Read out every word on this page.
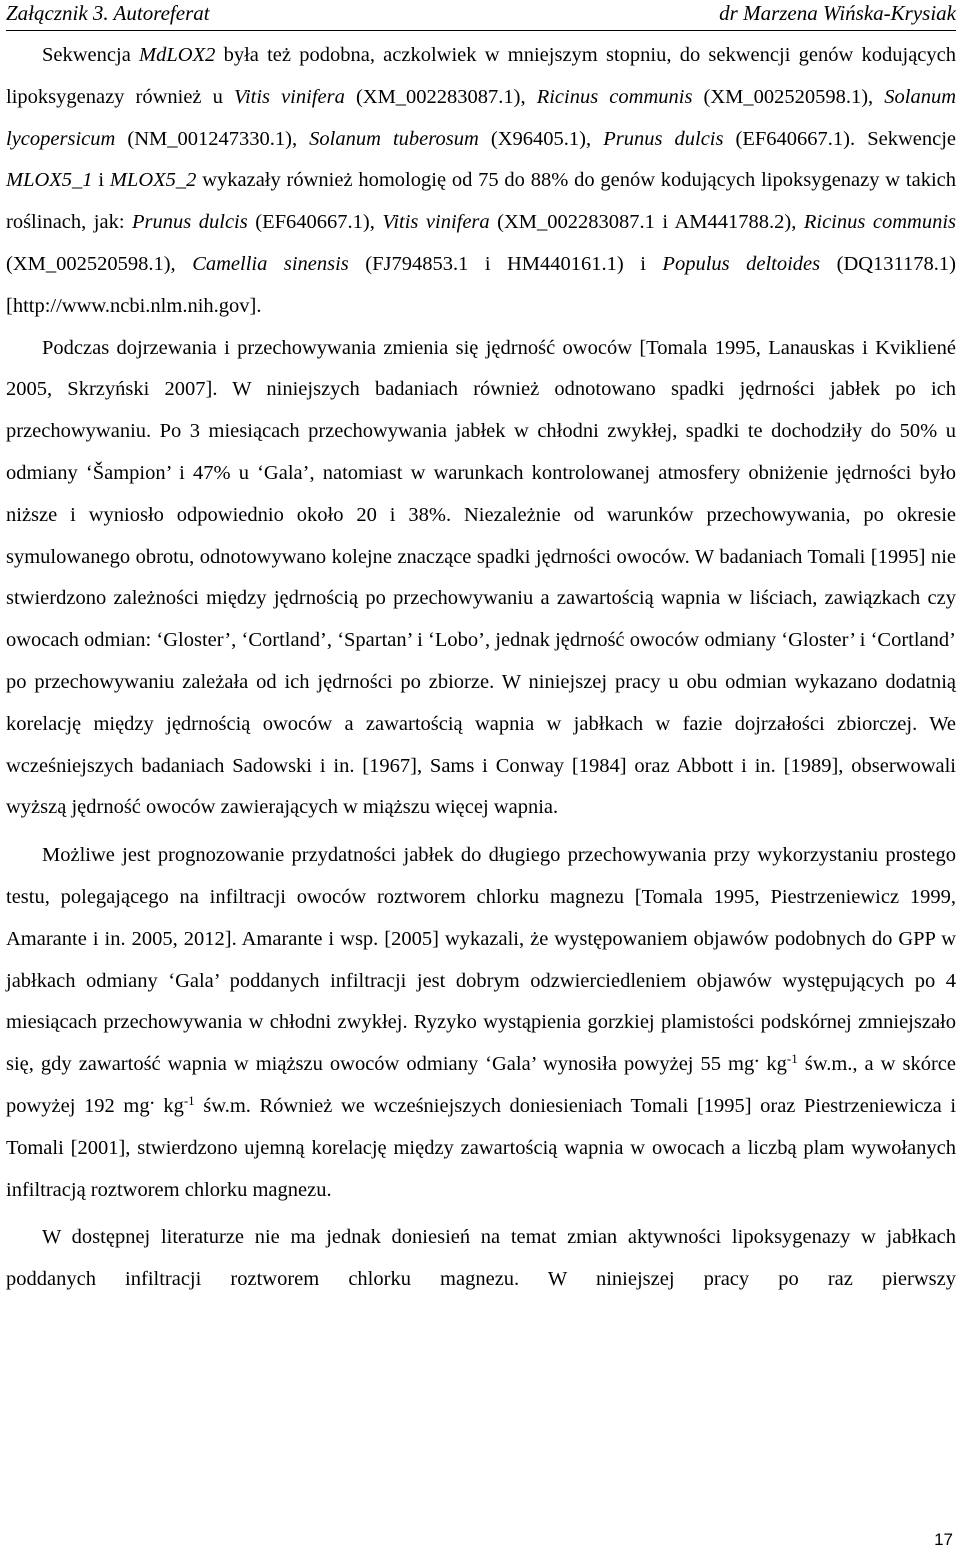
Załącznik 3. Autoreferat	dr Marzena Wińska-Krysiak

Sekwencja MdLOX2 była też podobna, aczkolwiek w mniejszym stopniu, do sekwencji genów kodujących lipoksygenazy również u Vitis vinifera (XM_002283087.1), Ricinus communis (XM_002520598.1), Solanum lycopersicum (NM_001247330.1), Solanum tuberosum (X96405.1), Prunus dulcis (EF640667.1). Sekwencje MLOX5_1 i MLOX5_2 wykazały również homologię od 75 do 88% do genów kodujących lipoksygenazy w takich roślinach, jak: Prunus dulcis (EF640667.1), Vitis vinifera (XM_002283087.1 i AM441788.2), Ricinus communis (XM_002520598.1), Camellia sinensis (FJ794853.1 i HM440161.1) i Populus deltoides (DQ131178.1) [http://www.ncbi.nlm.nih.gov].

Podczas dojrzewania i przechowywania zmienia się jędrność owoców [Tomala 1995, Lanauskas i Kvikliené 2005, Skrzyński 2007]. W niniejszych badaniach również odnotowano spadki jędrności jabłek po ich przechowywaniu. Po 3 miesiącach przechowywania jabłek w chłodni zwykłej, spadki te dochodziły do 50% u odmiany ‘Šampion’ i 47% u ‘Gala’, natomiast w warunkach kontrolowanej atmosfery obniżenie jędrności było niższe i wyniosło odpowiednio około 20 i 38%. Niezależnie od warunków przechowywania, po okresie symulowanego obrotu, odnotowywano kolejne znaczące spadki jędrności owoców. W badaniach Tomali [1995] nie stwierdzono zależności między jędrnością po przechowywaniu a zawartością wapnia w liściach, zawiązkach czy owocach odmian: ‘Gloster’, ‘Cortland’, ‘Spartan’ i ‘Lobo’, jednak jędrność owoców odmiany ‘Gloster’ i ‘Cortland’ po przechowywaniu zależała od ich jędrności po zbiorze. W niniejszej pracy u obu odmian wykazano dodatnią korelację między jędrnością owoców a zawartością wapnia w jabłkach w fazie dojrzałości zbiorczej. We wcześniejszych badaniach Sadowski i in. [1967], Sams i Conway [1984] oraz Abbott i in. [1989], obserwowali wyższą jędrność owoców zawierających w miąższu więcej wapnia.

Możliwe jest prognozowanie przydatności jabłek do długiego przechowywania przy wykorzystaniu prostego testu, polegającego na infiltracji owoców roztworem chlorku magnezu [Tomala 1995, Piestrzeniewicz 1999, Amarante i in. 2005, 2012]. Amarante i wsp. [2005] wykazali, że występowaniem objawów podobnych do GPP w jabłkach odmiany ‘Gala’ poddanych infiltracji jest dobrym odzwierciedleniem objawów występujących po 4 miesiącach przechowywania w chłodni zwykłej. Ryzyko wystąpienia gorzkiej plamistości podskórnej zmniejszało się, gdy zawartość wapnia w miąższu owoców odmiany ‘Gala’ wynosiła powyżej 55 mg. $kg^{-1}$ św.m., a w skórce powyżej 192 mg. $kg^{-1}$ św.m. Również we wcześniejszych doniesieniach Tomali [1995] oraz Piestrzeniewicza i Tomali [2001], stwierdzono ujemną korelację między zawartością wapnia w owocach a liczbą plam wywołanych infiltracją roztworem chlorku magnezu.

W dostępnej literaturze nie ma jednak doniesień na temat zmian aktywności lipoksygenazy w jabłkach poddanych infiltracji roztworem chlorku magnezu. W niniejszej pracy po raz pierwszy

17
